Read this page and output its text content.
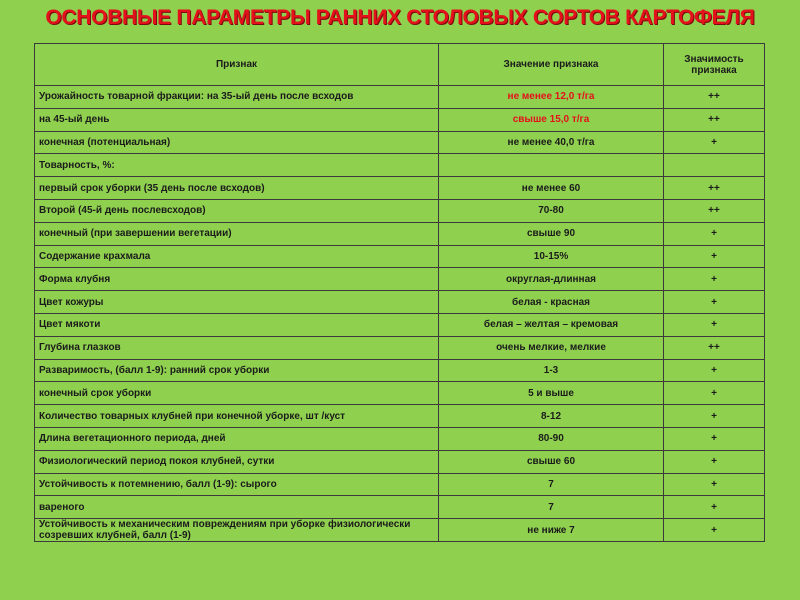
ОСНОВНЫЕ ПАРАМЕТРЫ РАННИХ СТОЛОВЫХ СОРТОВ КАРТОФЕЛЯ
Признак	Значение признака	Значимость признака
Урожайность товарной фракции: на 35-ый день после всходов	не менее 12,0 т/га	++
на 45-ый день	свыше 15,0 т/га	++
конечная (потенциальная)	не менее 40,0 т/га	+
Товарность, %:		
первый срок уборки (35 день после всходов)	не менее 60	++
Второй (45-й день послевсходов)	70-80	++
конечный (при завершении вегетации)	свыше 90	+
Содержание крахмала	10-15%	+
Форма клубня	округлая-длинная	+
Цвет кожуры	белая - красная	+
Цвет мякоти	белая – желтая – кремовая	+
Глубина глазков	очень мелкие, мелкие	++
Разваримость, (балл 1-9): ранний срок уборки	1-3	+
конечный срок уборки	5 и выше	+
Количество товарных клубней при конечной уборке, шт /куст	8-12	+
Длина вегетационного периода, дней	80-90	+
Физиологический период покоя клубней, сутки	свыше 60	+
Устойчивость к потемнению, балл (1-9): сырого	7	+
вареного	7	+
Устойчивость к механическим повреждениям при уборке физиологически созревших клубней, балл (1-9)	не ниже 7	+
